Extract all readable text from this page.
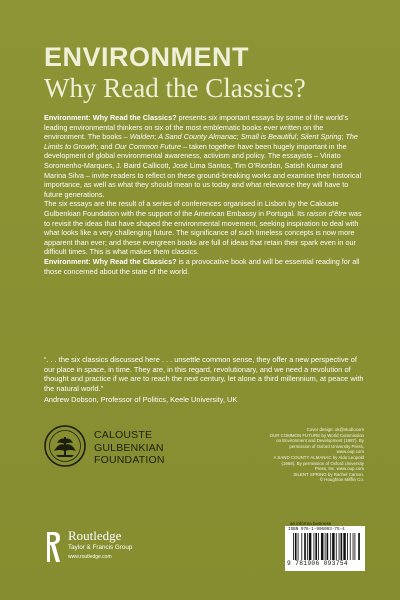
ENVIRONMENT
Why Read the Classics?

Environment: Why Read the Classics? presents six important essays by some of the world’s leading environmental thinkers on six of the most emblematic books ever written on the environment. The books – Walden; A Sand County Almanac; Small is Beautiful; Silent Spring; The Limits to Growth; and Our Common Future – taken together have been hugely important in the development of global environmental awareness, activism and policy. The essayists – Viriato Soromenho-Marques, J. Baird Callicott, José Lima Santos, Tim O’Riordan, Satish Kumar and Marina Silva – invite readers to reflect on these ground-breaking works and examine their historical importance, as well as what they should mean to us today and what relevance they will have to future generations.

The six essays are the result of a series of conferences organised in Lisbon by the Calouste Gulbenkian Foundation with the support of the American Embassy in Portugal. Its raison d’être was to revisit the ideas that have shaped the environmental movement, seeking inspiration to deal with what looks like a very challenging future. The significance of such timeless concepts is now more apparent than ever; and these evergreen books are full of ideas that retain their spark even in our difficult times. This is what makes them classics.

Environment: Why Read the Classics? is a provocative book and will be essential reading for all those concerned about the state of the world.

“. . . the six classics discussed here . . . unsettle common sense, they offer a new perspective of our place in space, in time. They are, in this regard, revolutionary, and we need a revolution of thought and practice if we are to reach the next century, let alone a third millennium, at peace with the natural world.”
Andrew Dobson, Professor of Politics, Keele University, UK
CALOUSTE
GULBENKIAN
FOUNDATION
Cover design: ok@studiocom
OUR COMMON FUTURE by World Commission
on Environment and Development (1987). By
permission of Oxford University Press,
www.oup.com
A SAND COUNTY ALMANAC by Aldo Leopold
(1968). By permission of Oxford University
Press, Inc. www.oup.com
SILENT SPRING by Rachel Carson.
© Houghton Mifflin Co.
Routledge
Taylor & Francis Group
www.routledge.com
an informa business
ISBN 978-1-906093-75-4
9 781906 093754
